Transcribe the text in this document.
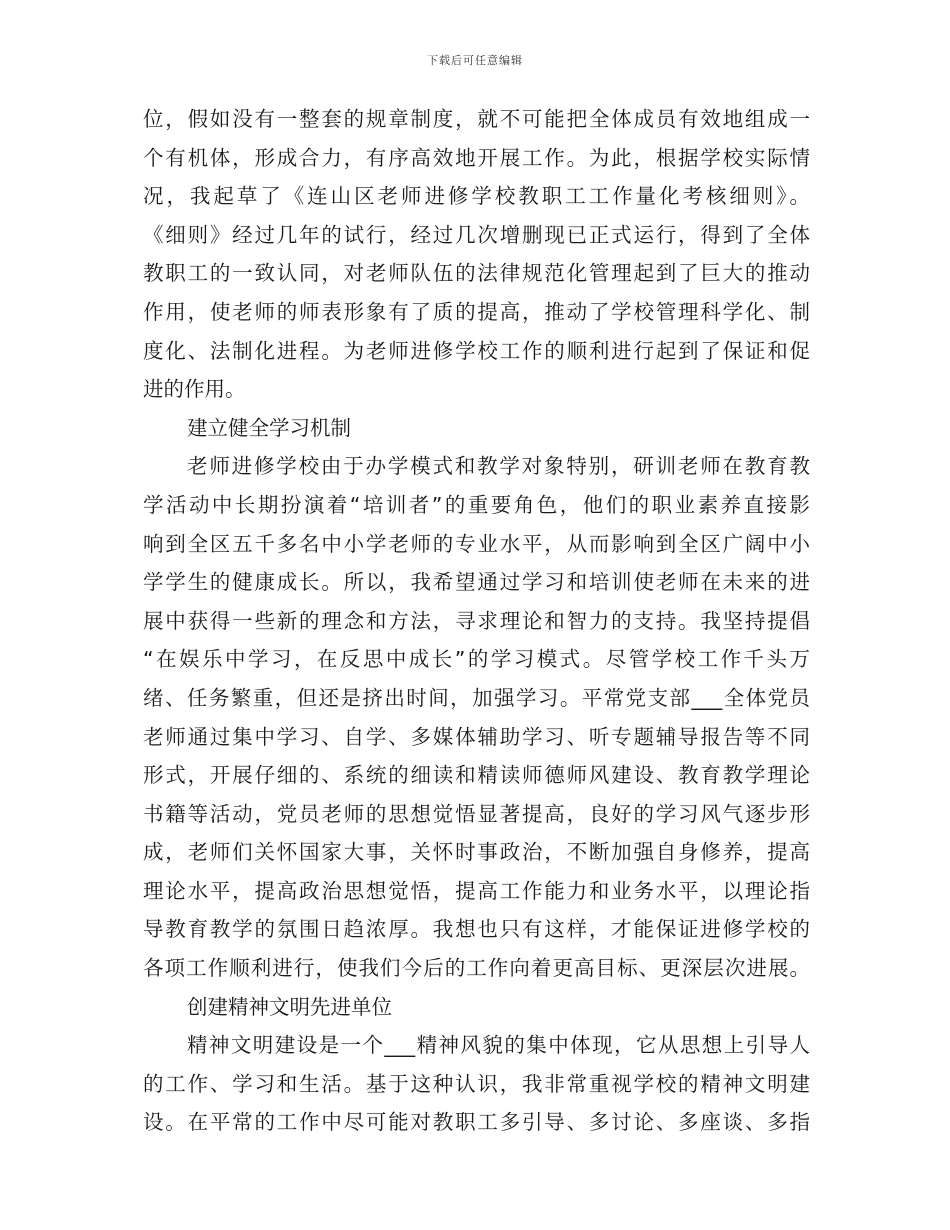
下载后可任意编辑
位，假如没有一整套的规章制度，就不可能把全体成员有效地组成一
个有机体，形成合力，有序高效地开展工作。为此，根据学校实际情
况，我起草了《连山区老师进修学校教职工工作量化考核细则》。
《细则》经过几年的试行，经过几次增删现已正式运行，得到了全体
教职工的一致认同，对老师队伍的法律规范化管理起到了巨大的推动
作用，使老师的师表形象有了质的提高，推动了学校管理科学化、制
度化、法制化进程。为老师进修学校工作的顺利进行起到了保证和促
进的作用。
建立健全学习机制
老师进修学校由于办学模式和教学对象特别，研训老师在教育教
学活动中长期扮演着“培训者”的重要角色，他们的职业素养直接影
响到全区五千多名中小学老师的专业水平，从而影响到全区广阔中小
学学生的健康成长。所以，我希望通过学习和培训使老师在未来的进
展中获得一些新的理念和方法，寻求理论和智力的支持。我坚持提倡
“在娱乐中学习，在反思中成长”的学习模式。尽管学校工作千头万
绪、任务繁重，但还是挤出时间，加强学习。平常党支部___全体党员
老师通过集中学习、自学、多媒体辅助学习、听专题辅导报告等不同
形式，开展仔细的、系统的细读和精读师德师风建设、教育教学理论
书籍等活动，党员老师的思想觉悟显著提高，良好的学习风气逐步形
成，老师们关怀国家大事，关怀时事政治，不断加强自身修养，提高
理论水平，提高政治思想觉悟，提高工作能力和业务水平，以理论指
导教育教学的氛围日趋浓厚。我想也只有这样，才能保证进修学校的
各项工作顺利进行，使我们今后的工作向着更高目标、更深层次进展。
创建精神文明先进单位
精神文明建设是一个___精神风貌的集中体现，它从思想上引导人
的工作、学习和生活。基于这种认识，我非常重视学校的精神文明建
设。在平常的工作中尽可能对教职工多引导、多讨论、多座谈、多指
